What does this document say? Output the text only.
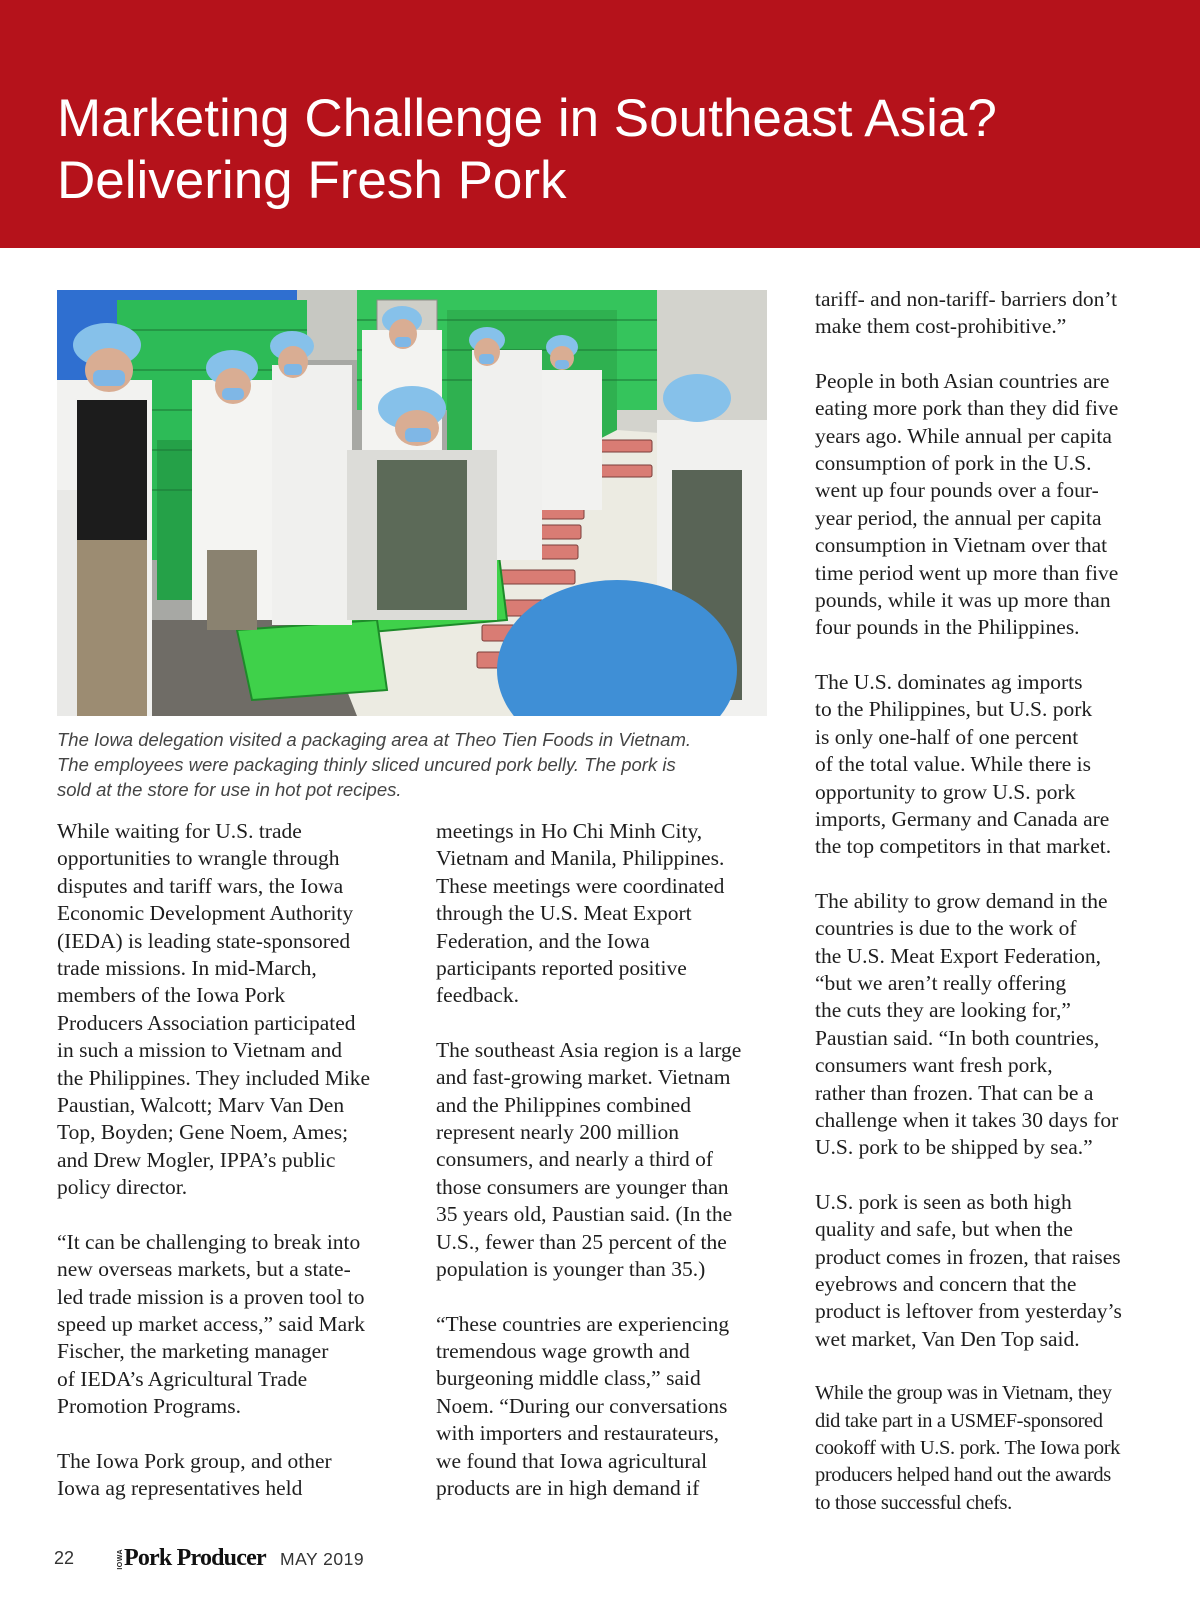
Marketing Challenge in Southeast Asia?
Delivering Fresh Pork
The Iowa delegation visited a packaging area at Theo Tien Foods in Vietnam.
The employees were packaging thinly sliced uncured pork belly. The pork is
sold at the store for use in hot pot recipes.

While waiting for U.S. trade
opportunities to wrangle through
disputes and tariff wars, the Iowa
Economic Development Authority
(IEDA) is leading state-sponsored
trade missions. In mid-March,
members of the Iowa Pork
Producers Association participated
in such a mission to Vietnam and
the Philippines. They included Mike
Paustian, Walcott; Marv Van Den
Top, Boyden; Gene Noem, Ames;
and Drew Mogler, IPPA’s public
policy director.

“It can be challenging to break into
new overseas markets, but a state-
led trade mission is a proven tool to
speed up market access,” said Mark
Fischer, the marketing manager
of IEDA’s Agricultural Trade
Promotion Programs.

The Iowa Pork group, and other
Iowa ag representatives held

meetings in Ho Chi Minh City,
Vietnam and Manila, Philippines.
These meetings were coordinated
through the U.S. Meat Export
Federation, and the Iowa
participants reported positive
feedback.

The southeast Asia region is a large
and fast-growing market. Vietnam
and the Philippines combined
represent nearly 200 million
consumers, and nearly a third of
those consumers are younger than
35 years old, Paustian said. (In the
U.S., fewer than 25 percent of the
population is younger than 35.)

“These countries are experiencing
tremendous wage growth and
burgeoning middle class,” said
Noem. “During our conversations
with importers and restaurateurs,
we found that Iowa agricultural
products are in high demand if

tariff- and non-tariff- barriers don’t
make them cost-prohibitive.”

People in both Asian countries are
eating more pork than they did five
years ago. While annual per capita
consumption of pork in the U.S.
went up four pounds over a four-
year period, the annual per capita
consumption in Vietnam over that
time period went up more than five
pounds, while it was up more than
four pounds in the Philippines.

The U.S. dominates ag imports
to the Philippines, but U.S. pork
is only one-half of one percent
of the total value. While there is
opportunity to grow U.S. pork
imports, Germany and Canada are
the top competitors in that market.

The ability to grow demand in the
countries is due to the work of
the U.S. Meat Export Federation,
“but we aren’t really offering
the cuts they are looking for,”
Paustian said. “In both countries,
consumers want fresh pork,
rather than frozen. That can be a
challenge when it takes 30 days for
U.S. pork to be shipped by sea.”

U.S. pork is seen as both high
quality and safe, but when the
product comes in frozen, that raises
eyebrows and concern that the
product is leftover from yesterday’s
wet market, Van Den Top said.

While the group was in Vietnam, they
did take part in a USMEF-sponsored
cookoff with U.S. pork. The Iowa pork
producers helped hand out the awards
to those successful chefs.

22	IOWAPork Producer MAY 2019
